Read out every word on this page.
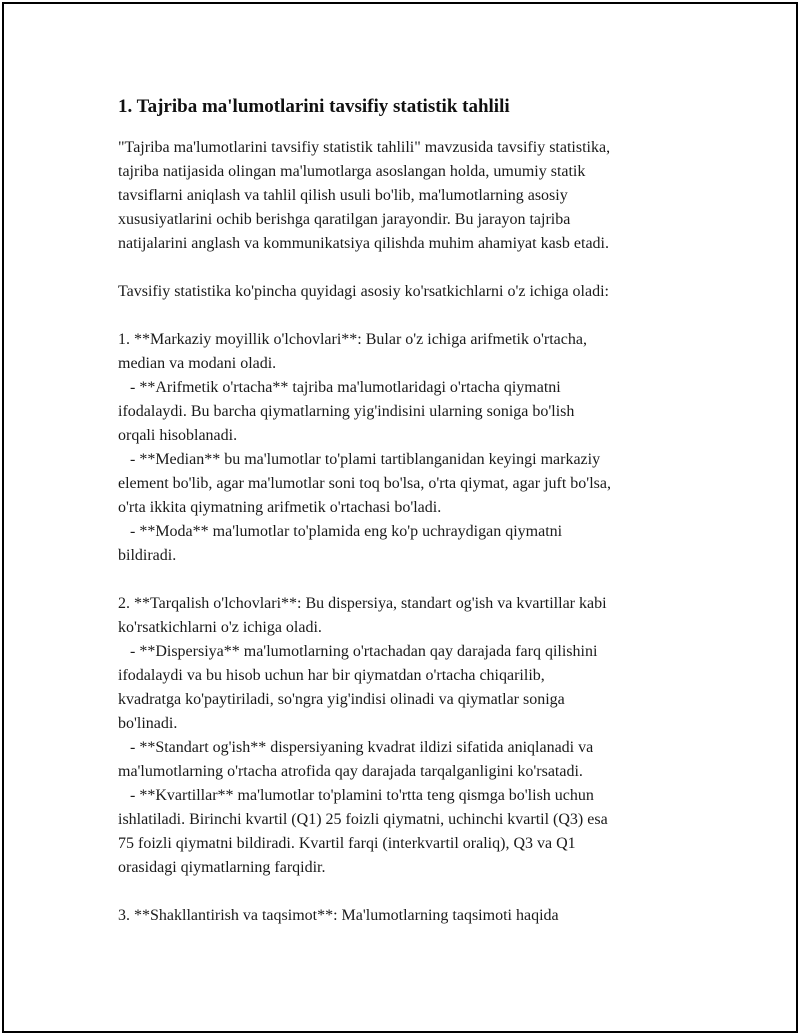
1. Tajriba ma'lumotlarini tavsifiy statistik tahlili
"Tajriba ma'lumotlarini tavsifiy statistik tahlili" mavzusida tavsifiy statistika,
tajriba natijasida olingan ma'lumotlarga asoslangan holda, umumiy statik
tavsiflarni aniqlash va tahlil qilish usuli bo'lib, ma'lumotlarning asosiy
xususiyatlarini ochib berishga qaratilgan jarayondir. Bu jarayon tajriba
natijalarini anglash va kommunikatsiya qilishda muhim ahamiyat kasb etadi.
Tavsifiy statistika ko'pincha quyidagi asosiy ko'rsatkichlarni o'z ichiga oladi:
1. **Markaziy moyillik o'lchovlari**: Bular o'z ichiga arifmetik o'rtacha,
median va modani oladi.
- **Arifmetik o'rtacha** tajriba ma'lumotlaridagi o'rtacha qiymatni
ifodalaydi. Bu barcha qiymatlarning yig'indisini ularning soniga bo'lish
orqali hisoblanadi.
- **Median** bu ma'lumotlar to'plami tartiblanganidan keyingi markaziy
element bo'lib, agar ma'lumotlar soni toq bo'lsa, o'rta qiymat, agar juft bo'lsa,
o'rta ikkita qiymatning arifmetik o'rtachasi bo'ladi.
- **Moda** ma'lumotlar to'plamida eng ko'p uchraydigan qiymatni
bildiradi.
2. **Tarqalish o'lchovlari**: Bu dispersiya, standart og'ish va kvartillar kabi
ko'rsatkichlarni o'z ichiga oladi.
- **Dispersiya** ma'lumotlarning o'rtachadan qay darajada farq qilishini
ifodalaydi va bu hisob uchun har bir qiymatdan o'rtacha chiqarilib,
kvadratga ko'paytiriladi, so'ngra yig'indisi olinadi va qiymatlar soniga
bo'linadi.
- **Standart og'ish** dispersiyaning kvadrat ildizi sifatida aniqlanadi va
ma'lumotlarning o'rtacha atrofida qay darajada tarqalganligini ko'rsatadi.
- **Kvartillar** ma'lumotlar to'plamini to'rtta teng qismga bo'lish uchun
ishlatiladi. Birinchi kvartil (Q1) 25 foizli qiymatni, uchinchi kvartil (Q3) esa
75 foizli qiymatni bildiradi. Kvartil farqi (interkvartil oraliq), Q3 va Q1
orasidagi qiymatlarning farqidir.
3. **Shakllantirish va taqsimot**: Ma'lumotlarning taqsimoti haqida
